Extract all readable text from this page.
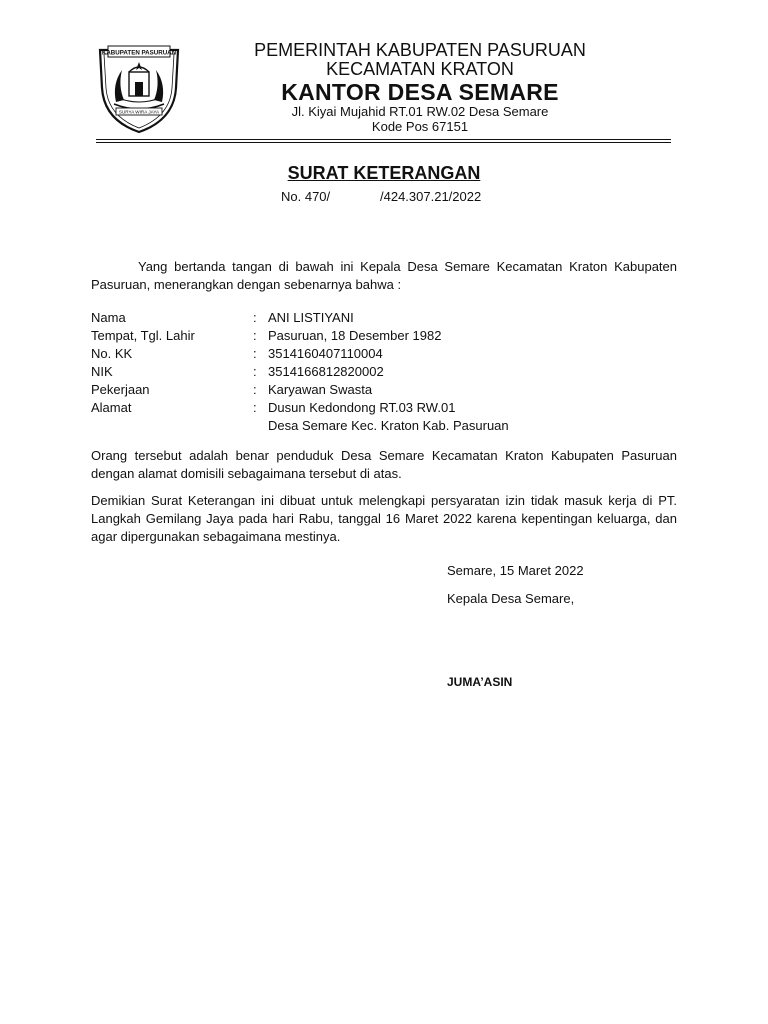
KABUPATEN PASURUAN
SURYA WIRA JAYA
PEMERINTAH KABUPATEN PASURUAN
KECAMATAN KRATON
KANTOR DESA SEMARE
Jl. Kiyai Mujahid RT.01 RW.02 Desa Semare
Kode Pos 67151
SURAT KETERANGAN
No. 470/	/424.307.21/2022
Yang bertanda tangan di bawah ini Kepala Desa Semare Kecamatan Kraton Kabupaten Pasuruan, menerangkan dengan sebenarnya bahwa :
Nama	: ANI LISTIYANI
Tempat, Tgl. Lahir	: Pasuruan, 18 Desember 1982
No. KK	: 3514160407110004
NIK	: 3514166812820002
Pekerjaan	: Karyawan Swasta
Alamat	: Dusun Kedondong RT.03 RW.01
Desa Semare Kec. Kraton Kab. Pasuruan
Orang tersebut adalah benar penduduk Desa Semare Kecamatan Kraton Kabupaten Pasuruan dengan alamat domisili sebagaimana tersebut di atas.
Demikian Surat Keterangan ini dibuat untuk melengkapi persyaratan izin tidak masuk kerja di PT. Langkah Gemilang Jaya pada hari Rabu, tanggal 16 Maret 2022 karena kepentingan keluarga, dan agar dipergunakan sebagaimana mestinya.
Semare, 15 Maret 2022
Kepala Desa Semare,
JUMA’ASIN
